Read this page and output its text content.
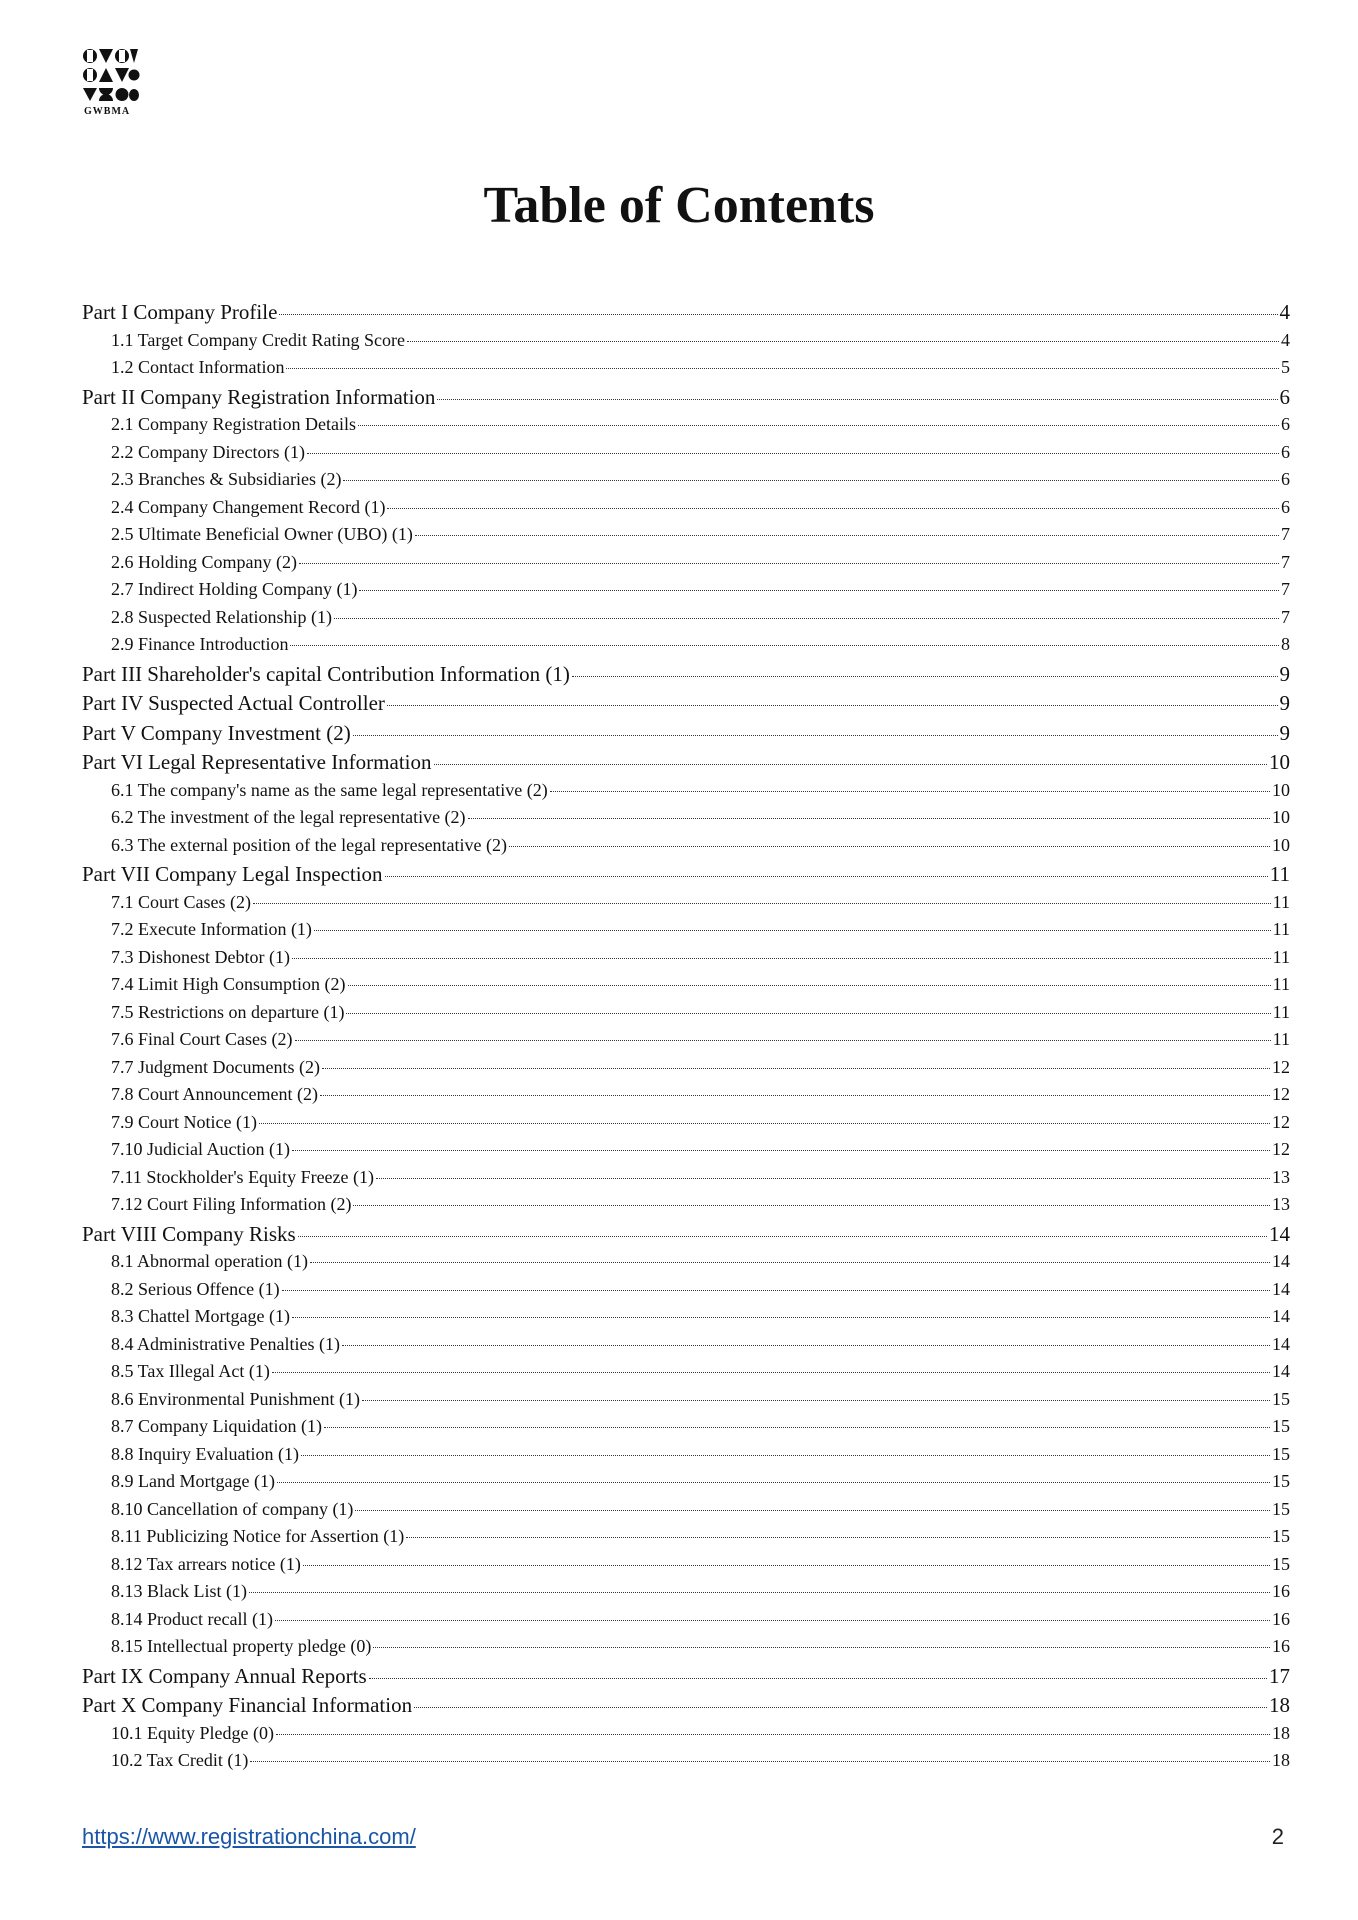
GWBMA
Table of Contents
Part I Company Profile	4
1.1 Target Company Credit Rating Score	4
1.2 Contact Information	5
Part II Company Registration Information	6
2.1 Company Registration Details	6
2.2 Company Directors (1)	6
2.3 Branches & Subsidiaries (2)	6
2.4 Company Changement Record (1)	6
2.5 Ultimate Beneficial Owner (UBO) (1)	7
2.6 Holding Company (2)	7
2.7 Indirect Holding Company (1)	7
2.8 Suspected Relationship (1)	7
2.9 Finance Introduction	8
Part III Shareholder's capital Contribution Information (1)	9
Part IV Suspected Actual Controller	9
Part V Company Investment (2)	9
Part VI Legal Representative Information	10
6.1 The company's name as the same legal representative (2)	10
6.2 The investment of the legal representative (2)	10
6.3 The external position of the legal representative (2)	10
Part VII Company Legal Inspection	11
7.1 Court Cases (2)	11
7.2 Execute Information (1)	11
7.3 Dishonest Debtor (1)	11
7.4 Limit High Consumption (2)	11
7.5 Restrictions on departure (1)	11
7.6 Final Court Cases (2)	11
7.7 Judgment Documents (2)	12
7.8 Court Announcement (2)	12
7.9 Court Notice (1)	12
7.10 Judicial Auction (1)	12
7.11 Stockholder's Equity Freeze (1)	13
7.12 Court Filing Information (2)	13
Part VIII Company Risks	14
8.1 Abnormal operation (1)	14
8.2 Serious Offence (1)	14
8.3 Chattel Mortgage (1)	14
8.4 Administrative Penalties (1)	14
8.5 Tax Illegal Act (1)	14
8.6 Environmental Punishment (1)	15
8.7 Company Liquidation (1)	15
8.8 Inquiry Evaluation (1)	15
8.9 Land Mortgage (1)	15
8.10 Cancellation of company (1)	15
8.11 Publicizing Notice for Assertion (1)	15
8.12 Tax arrears notice (1)	15
8.13 Black List (1)	16
8.14 Product recall (1)	16
8.15 Intellectual property pledge (0)	16
Part IX Company Annual Reports	17
Part X Company Financial Information	18
10.1 Equity Pledge (0)	18
10.2 Tax Credit (1)	18
https://www.registrationchina.com/	2
